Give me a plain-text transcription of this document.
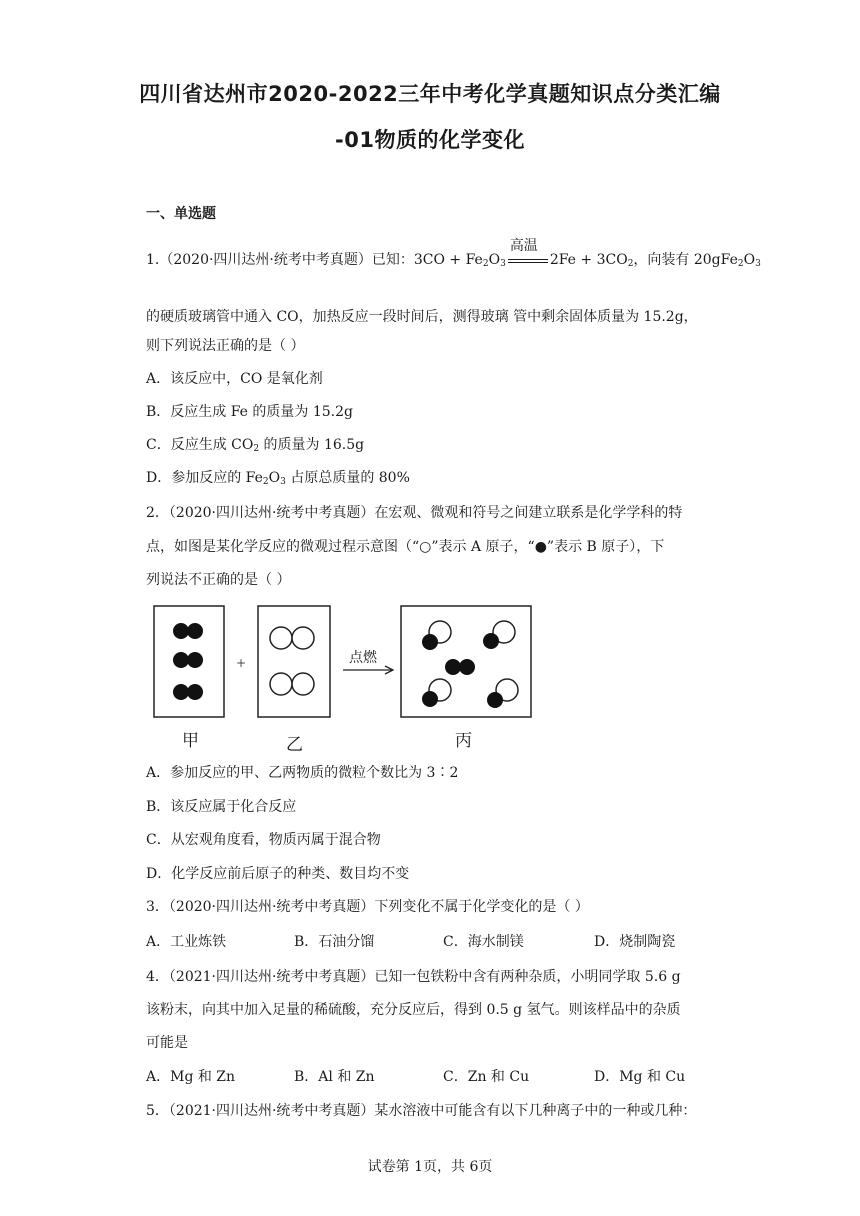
四川省达州市2020-2022三年中考化学真题知识点分类汇编
-01物质的化学变化
一、单选题
1.（2020·四川达州·统考中考真题）已知：$3CO + Fe_2O_3$
高温
$2Fe + 3CO_2$，向装有 $20gFe_2O_3$
的硬质玻璃管中通入 CO，加热反应一段时间后，测得玻璃 管中剩余固体质量为 15.2g，
则下列说法正确的是（ ）
A．该反应中，CO 是氧化剂
B．反应生成 Fe 的质量为 15.2g
C．反应生成 $CO_2$ 的质量为 16.5g
D．参加反应的 $Fe_2O_3$ 占原总质量的 80%
2．（2020·四川达州·统考中考真题）在宏观、微观和符号之间建立联系是化学学科的特
点，如图是某化学反应的微观过程示意图（“○”表示 A 原子，“●”表示 B 原子），下
列说法不正确的是（ ）
+	点燃
甲	乙	丙
A．参加反应的甲、乙两物质的微粒个数比为 3∶2
B．该反应属于化合反应
C．从宏观角度看，物质丙属于混合物
D．化学反应前后原子的种类、数目均不变
3．（2020·四川达州·统考中考真题）下列变化不属于化学变化的是（ ）
A．工业炼铁	B．石油分馏	C．海水制镁	D．烧制陶瓷
4．（2021·四川达州·统考中考真题）已知一包铁粉中含有两种杂质，小明同学取 5.6 g
该粉末，向其中加入足量的稀硫酸，充分反应后，得到 0.5 g 氢气。则该样品中的杂质
可能是
A．Mg 和 Zn	B．Al 和 Zn	C．Zn 和 Cu	D．Mg 和 Cu
5．（2021·四川达州·统考中考真题）某水溶液中可能含有以下几种离子中的一种或几种：
试卷第 1页，共 6页
